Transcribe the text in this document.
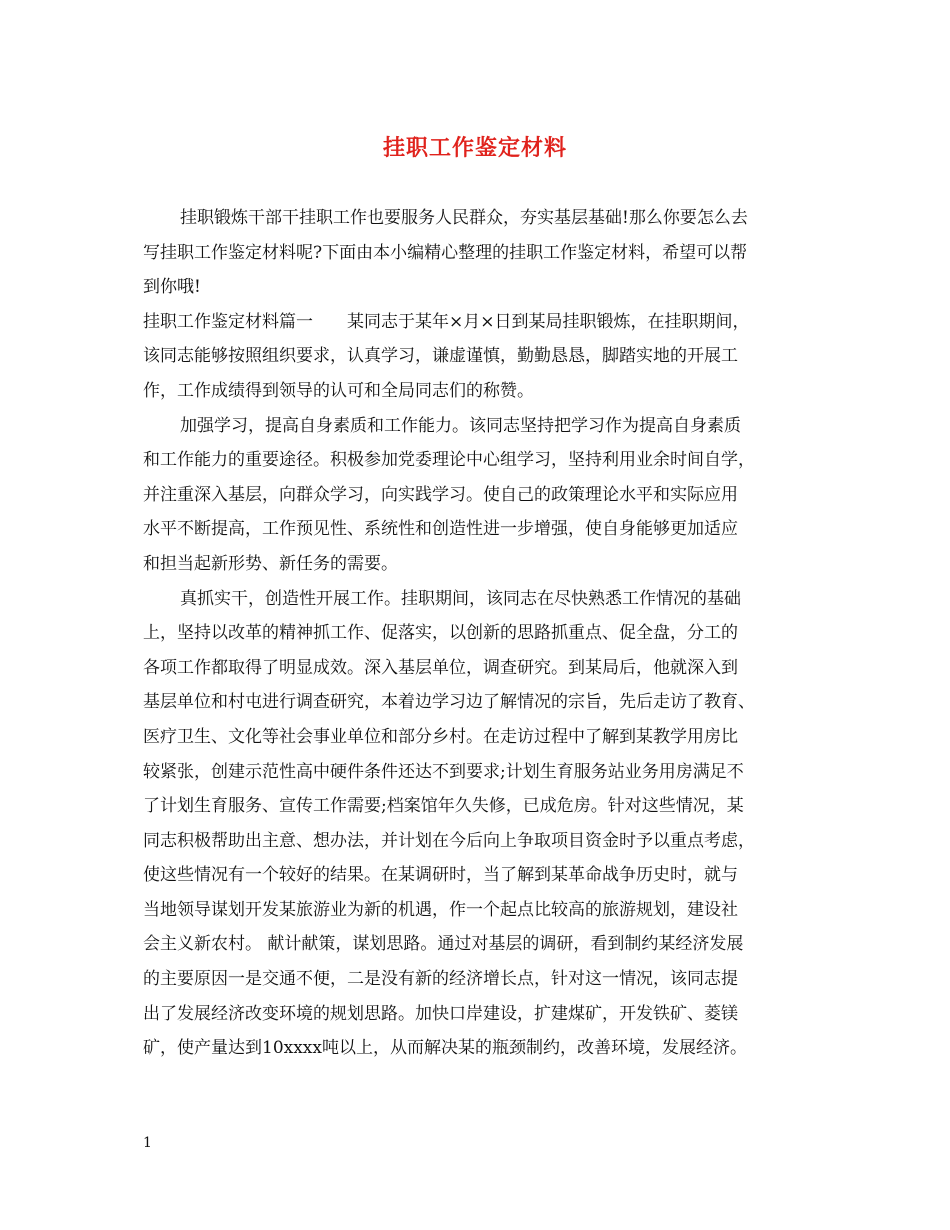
挂职工作鉴定材料
挂职锻炼干部干挂职工作也要服务人民群众，夯实基层基础!那么你要怎么去
写挂职工作鉴定材料呢?下面由本小编精心整理的挂职工作鉴定材料，希望可以帮
到你哦!
挂职工作鉴定材料篇一　　某同志于某年×月×日到某局挂职锻炼，在挂职期间，
该同志能够按照组织要求，认真学习，谦虚谨慎，勤勤恳恳，脚踏实地的开展工
作，工作成绩得到领导的认可和全局同志们的称赞。
加强学习，提高自身素质和工作能力。该同志坚持把学习作为提高自身素质
和工作能力的重要途径。积极参加党委理论中心组学习，坚持利用业余时间自学，
并注重深入基层，向群众学习，向实践学习。使自己的政策理论水平和实际应用
水平不断提高，工作预见性、系统性和创造性进一步增强，使自身能够更加适应
和担当起新形势、新任务的需要。
真抓实干，创造性开展工作。挂职期间，该同志在尽快熟悉工作情况的基础
上，坚持以改革的精神抓工作、促落实，以创新的思路抓重点、促全盘，分工的
各项工作都取得了明显成效。深入基层单位，调查研究。到某局后，他就深入到
基层单位和村屯进行调查研究，本着边学习边了解情况的宗旨，先后走访了教育、
医疗卫生、文化等社会事业单位和部分乡村。在走访过程中了解到某教学用房比
较紧张，创建示范性高中硬件条件还达不到要求;计划生育服务站业务用房满足不
了计划生育服务、宣传工作需要;档案馆年久失修，已成危房。针对这些情况，某
同志积极帮助出主意、想办法，并计划在今后向上争取项目资金时予以重点考虑，
使这些情况有一个较好的结果。在某调研时，当了解到某革命战争历史时，就与
当地领导谋划开发某旅游业为新的机遇，作一个起点比较高的旅游规划，建设社
会主义新农村。 献计献策，谋划思路。通过对基层的调研，看到制约某经济发展
的主要原因一是交通不便，二是没有新的经济增长点，针对这一情况，该同志提
出了发展经济改变环境的规划思路。加快口岸建设，扩建煤矿，开发铁矿、菱镁
矿，使产量达到10xxxx吨以上，从而解决某的瓶颈制约，改善环境，发展经济。
1
